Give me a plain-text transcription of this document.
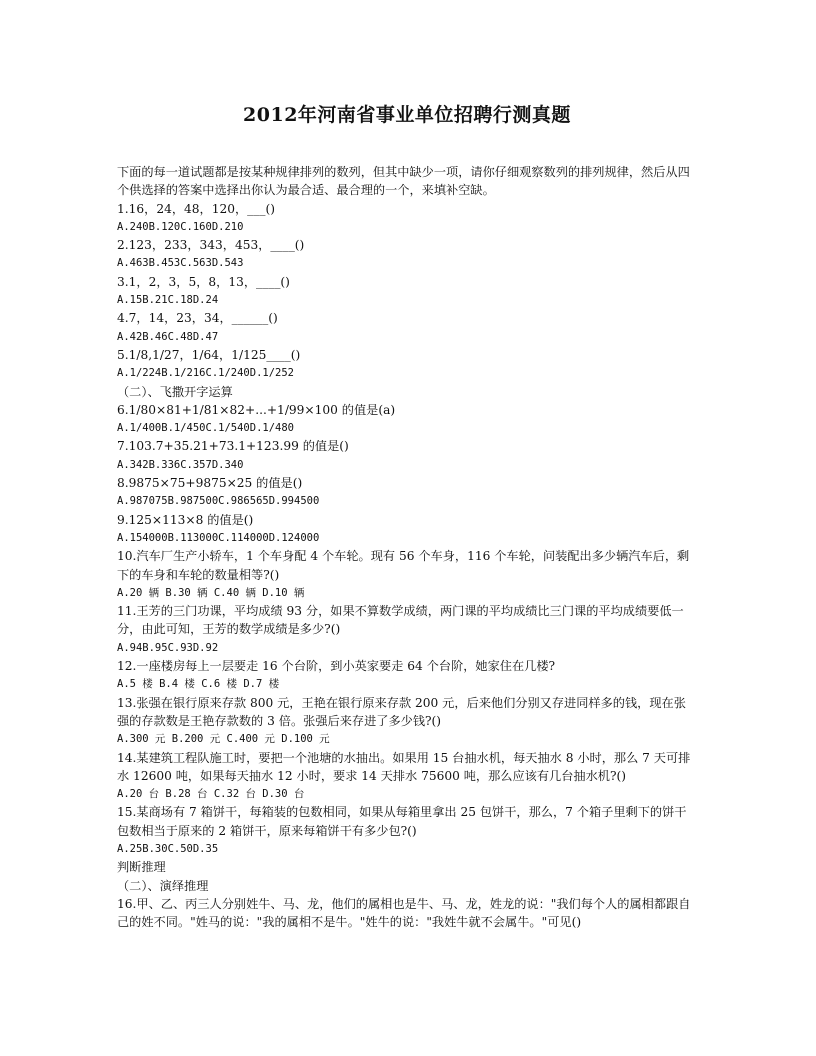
2012年河南省事业单位招聘行测真题

下面的每一道试题都是按某种规律排列的数列，但其中缺少一项，请你仔细观察数列的排列规律，然后从四个供选择的答案中选择出你认为最合适、最合理的一个，来填补空缺。

1.16，24，48，120，___()

A.240B.120C.160D.210

2.123，233，343，453，____()

A.463B.453C.563D.543

3.1，2，3，5，8，13，____()

A.15B.21C.18D.24

4.7，14，23，34，______()

A.42B.46C.48D.47

5.1/8,1/27，1/64，1/125____()

A.1/224B.1/216C.1/240D.1/252

（二）、飞撒开字运算

6.1/80×81+1/81×82+...+1/99×100 的值是(a)

A.1/400B.1/450C.1/540D.1/480

7.103.7+35.21+73.1+123.99 的值是()

A.342B.336C.357D.340

8.9875×75+9875×25 的值是()

A.987075B.987500C.986565D.994500

9.125×113×8 的值是()

A.154000B.113000C.114000D.124000

10.汽车厂生产小轿车，1 个车身配 4 个车轮。现有 56 个车身，116 个车轮，问装配出多少辆汽车后，剩下的车身和车轮的数量相等?()

A.20 辆 B.30 辆 C.40 辆 D.10 辆

11.王芳的三门功课，平均成绩 93 分，如果不算数学成绩，两门课的平均成绩比三门课的平均成绩要低一分，由此可知，王芳的数学成绩是多少?()

A.94B.95C.93D.92

12.一座楼房每上一层要走 16 个台阶，到小英家要走 64 个台阶，她家住在几楼?

A.5 楼 B.4 楼 C.6 楼 D.7 楼

13.张强在银行原来存款 800 元，王艳在银行原来存款 200 元，后来他们分别又存进同样多的钱，现在张强的存款数是王艳存款数的 3 倍。张强后来存进了多少钱?()

A.300 元 B.200 元 C.400 元 D.100 元

14.某建筑工程队施工时，要把一个池塘的水抽出。如果用 15 台抽水机，每天抽水 8 小时，那么 7 天可排水 12600 吨，如果每天抽水 12 小时，要求 14 天排水 75600 吨，那么应该有几台抽水机?()

A.20 台 B.28 台 C.32 台 D.30 台

15.某商场有 7 箱饼干，每箱装的包数相同，如果从每箱里拿出 25 包饼干，那么，7 个箱子里剩下的饼干包数相当于原来的 2 箱饼干，原来每箱饼干有多少包?()

A.25B.30C.50D.35

判断推理

（二）、演绎推理

16.甲、乙、丙三人分别姓牛、马、龙，他们的属相也是牛、马、龙，姓龙的说："我们每个人的属相都跟自己的姓不同。"姓马的说："我的属相不是牛。"姓牛的说："我姓牛就不会属牛。"可见()
